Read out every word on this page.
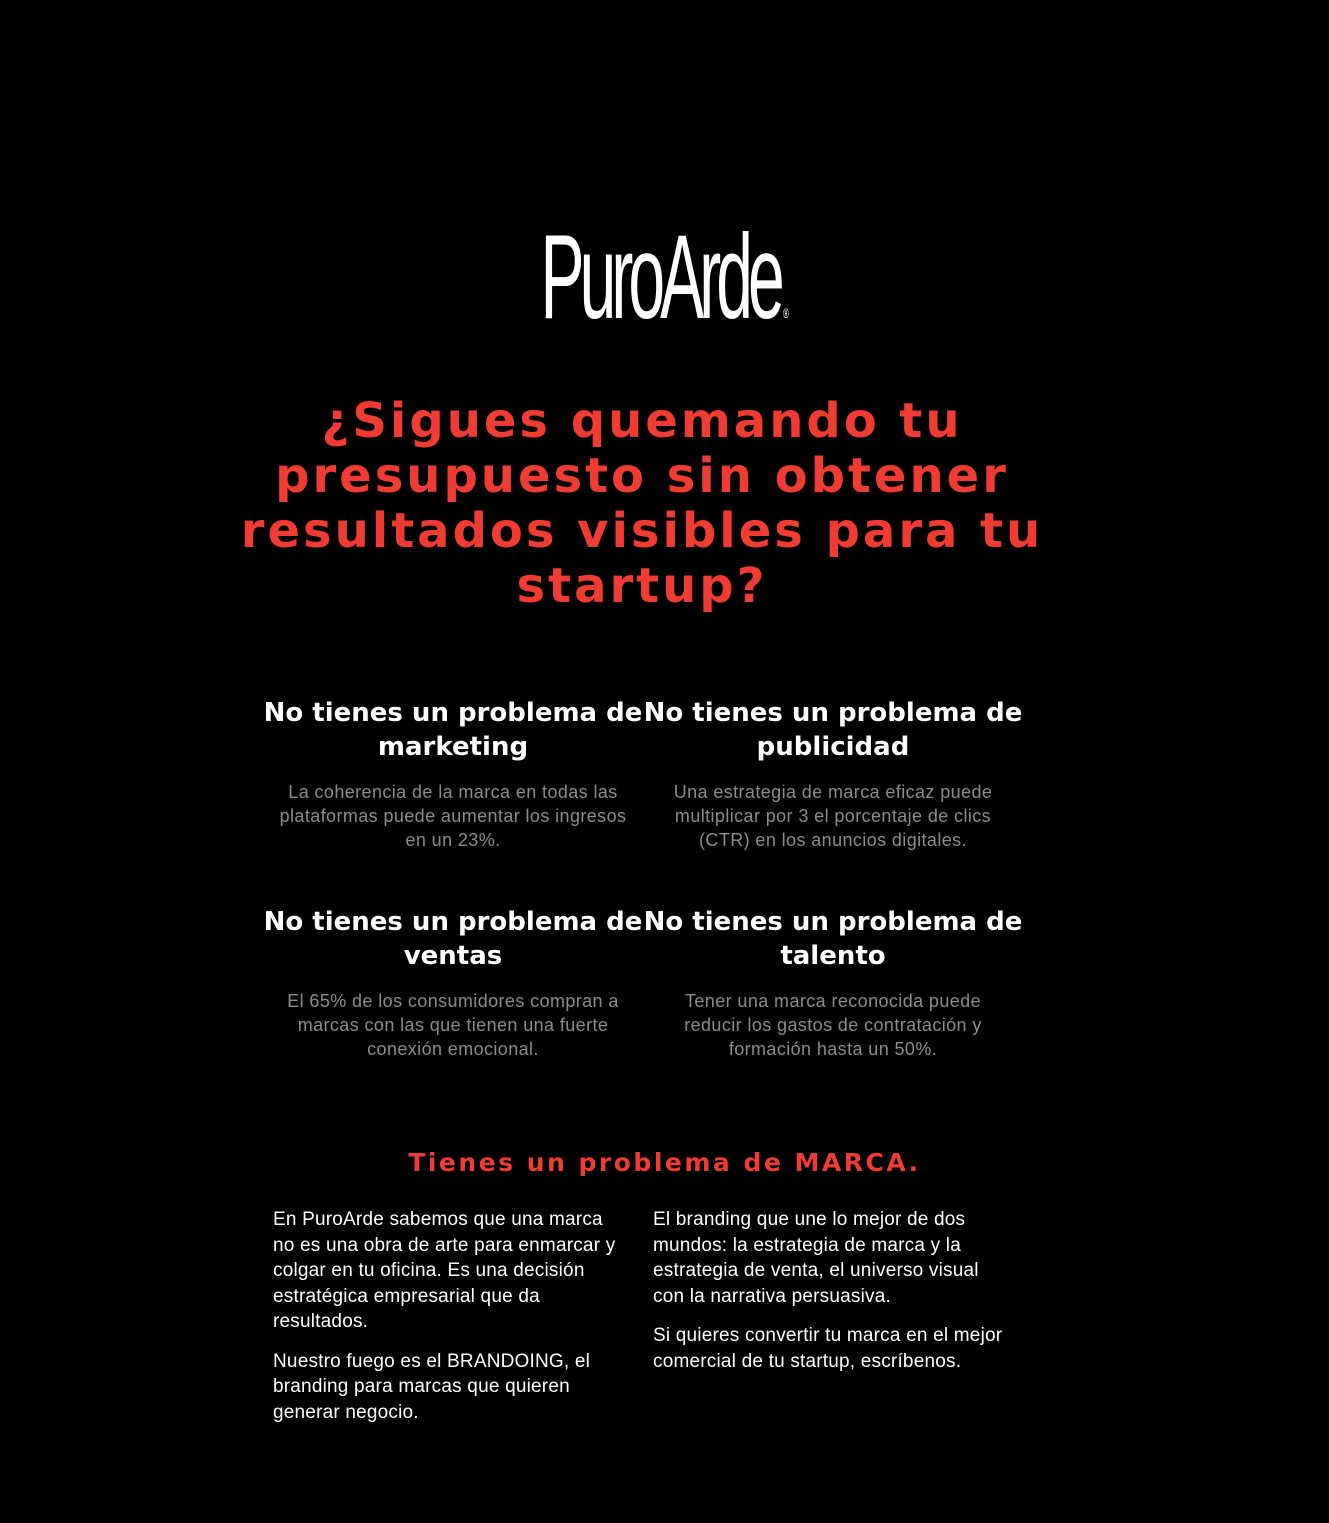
PuroArde ®
¿Sigues quemando tu presupuesto sin obtener resultados visibles para tu startup?
No tienes un problema de marketing

La coherencia de la marca en todas las plataformas puede aumentar los ingresos en un 23%.

No tienes un problema de publicidad

Una estrategia de marca eficaz puede multiplicar por 3 el porcentaje de clics (CTR) en los anuncios digitales.

No tienes un problema de ventas

El 65% de los consumidores compran a marcas con las que tienen una fuerte conexión emocional.

No tienes un problema de talento

Tener una marca reconocida puede reducir los gastos de contratación y formación hasta un 50%.

Tienes un problema de MARCA.

En PuroArde sabemos que una marca no es una obra de arte para enmarcar y colgar en tu oficina. Es una decisión estratégica empresarial que da resultados.

Nuestro fuego es el BRANDOING, el branding para marcas que quieren generar negocio.

El branding que une lo mejor de dos mundos: la estrategia de marca y la estrategia de venta, el universo visual con la narrativa persuasiva.

Si quieres convertir tu marca en el mejor comercial de tu startup, escríbenos.
